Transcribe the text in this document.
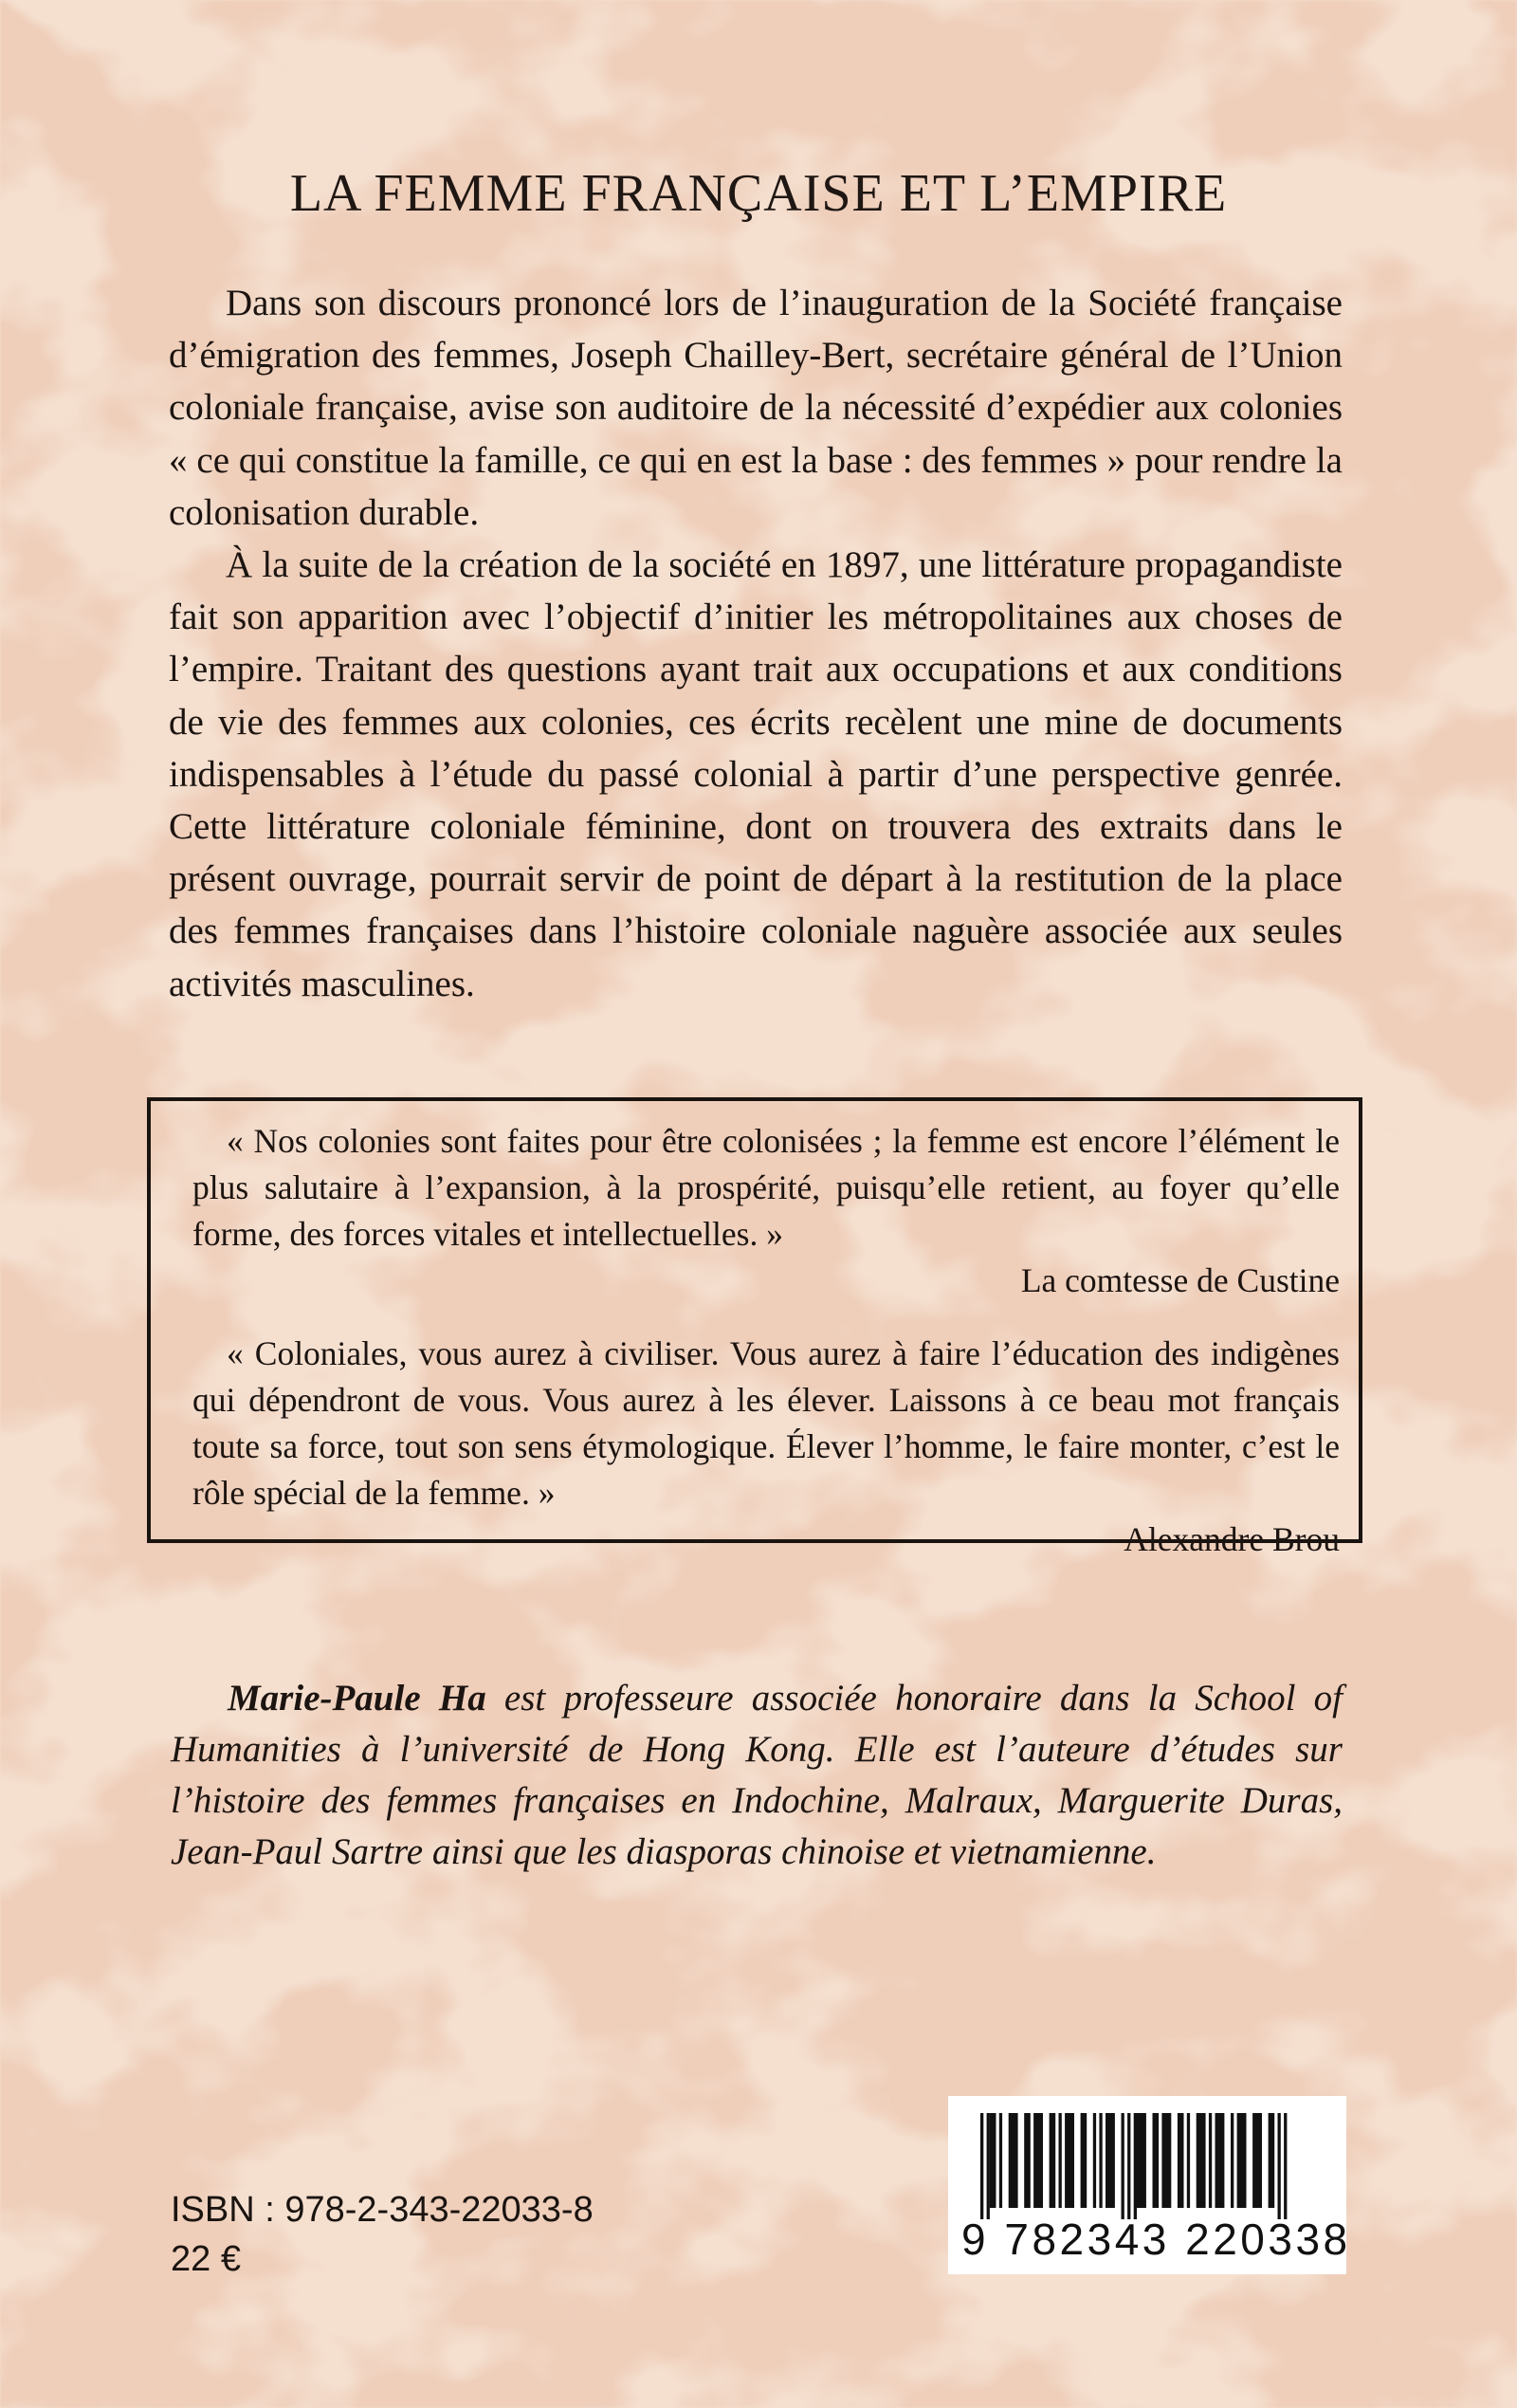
LA FEMME FRANÇAISE ET L’EMPIRE

Dans son discours prononcé lors de l’inauguration de la Société française d’émigration des femmes, Joseph Chailley-Bert, secrétaire général de l’Union coloniale française, avise son auditoire de la nécessité d’expédier aux colonies « ce qui constitue la famille, ce qui en est la base : des femmes » pour rendre la colonisation durable.

À la suite de la création de la société en 1897, une littérature propagandiste fait son apparition avec l’objectif d’initier les métropolitaines aux choses de l’empire. Traitant des questions ayant trait aux occupations et aux conditions de vie des femmes aux colonies, ces écrits recèlent une mine de documents indispensables à l’étude du passé colonial à partir d’une perspective genrée. Cette littérature coloniale féminine, dont on trouvera des extraits dans le présent ouvrage, pourrait servir de point de départ à la restitution de la place des femmes françaises dans l’histoire coloniale naguère associée aux seules activités masculines.

« Nos colonies sont faites pour être colonisées ; la femme est encore l’élément le plus salutaire à l’expansion, à la prospérité, puisqu’elle retient, au foyer qu’elle forme, des forces vitales et intellectuelles. »

La comtesse de Custine

« Coloniales, vous aurez à civiliser. Vous aurez à faire l’éducation des indigènes qui dépendront de vous. Vous aurez à les élever. Laissons à ce beau mot français toute sa force, tout son sens étymologique. Élever l’homme, le faire monter, c’est le rôle spécial de la femme. »

Alexandre Brou

Marie-Paule Ha est professeure associée honoraire dans la School of Humanities à l’université de Hong Kong. Elle est l’auteure d’études sur l’histoire des femmes françaises en Indochine, Malraux, Marguerite Duras, Jean-Paul Sartre ainsi que les diasporas chinoise et vietnamienne.

ISBN : 978-2-343-22033-8
22 €	9 782343 220338
